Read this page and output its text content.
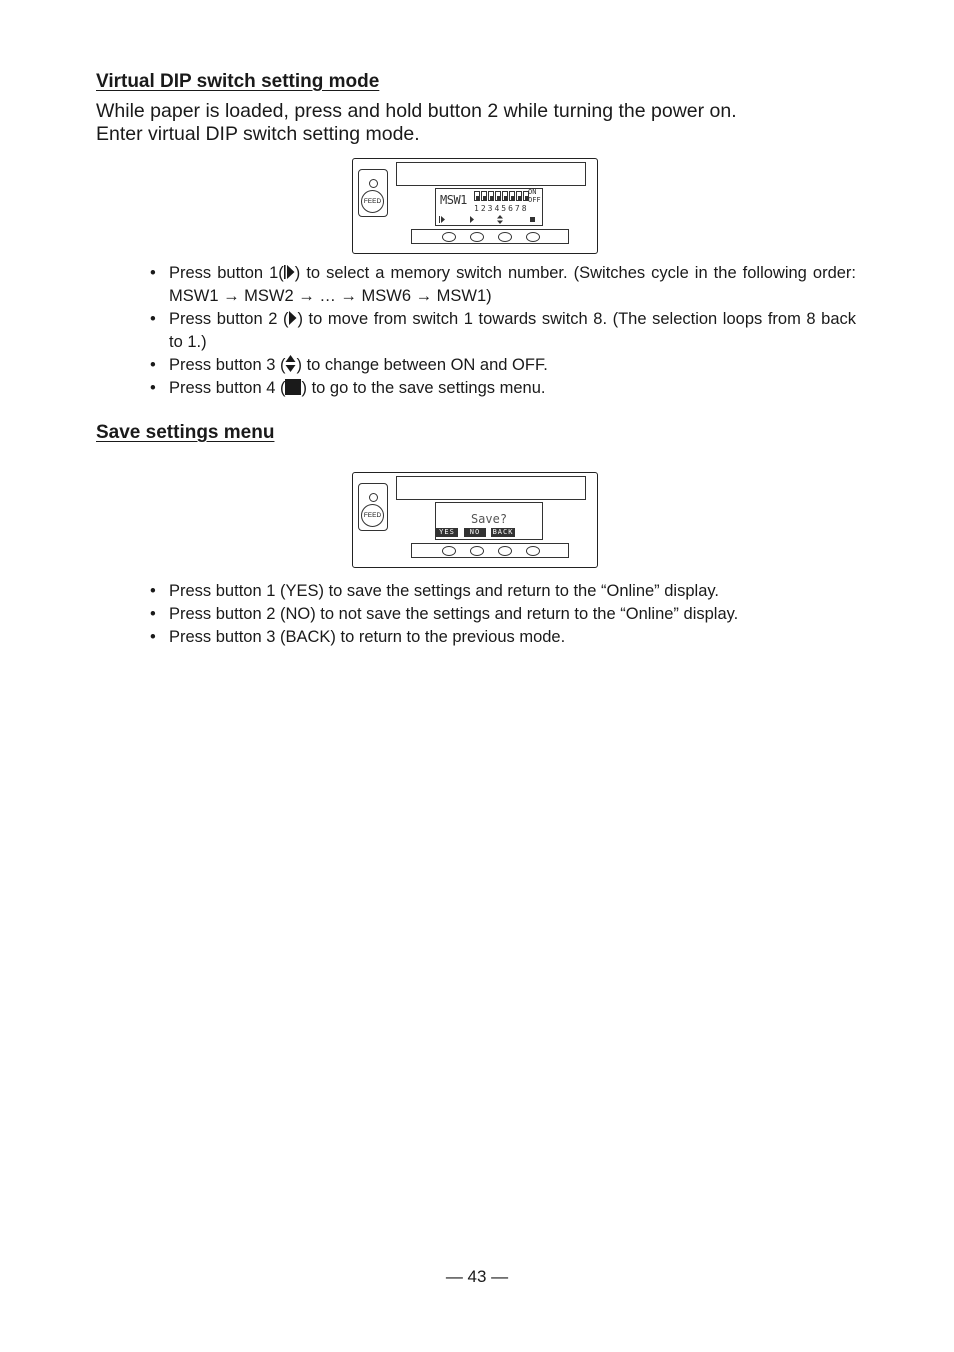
Virtual DIP switch setting mode

While paper is loaded, press and hold button 2 while turning the power on.
Enter virtual DIP switch setting mode.

FEED	MSW1
ON
OFF
12345678
• Press button 1( ) to select a memory switch number. (Switches cycle in the following order: MSW1 → MSW2 → … → MSW6 → MSW1)
• Press button 2 ( ) to move from switch 1 towards switch 8. (The selection loops from 8 back to 1.)
• Press button 3 ( ) to change between ON and OFF.
• Press button 4 ( ) to go to the save settings menu.
Save settings menu
FEED	Save?
YES	NO	BACK
• Press button 1 (YES) to save the settings and return to the “Online” display.
• Press button 2 (NO) to not save the settings and return to the “Online” display.
• Press button 3 (BACK) to return to the previous mode.
— 43 —
